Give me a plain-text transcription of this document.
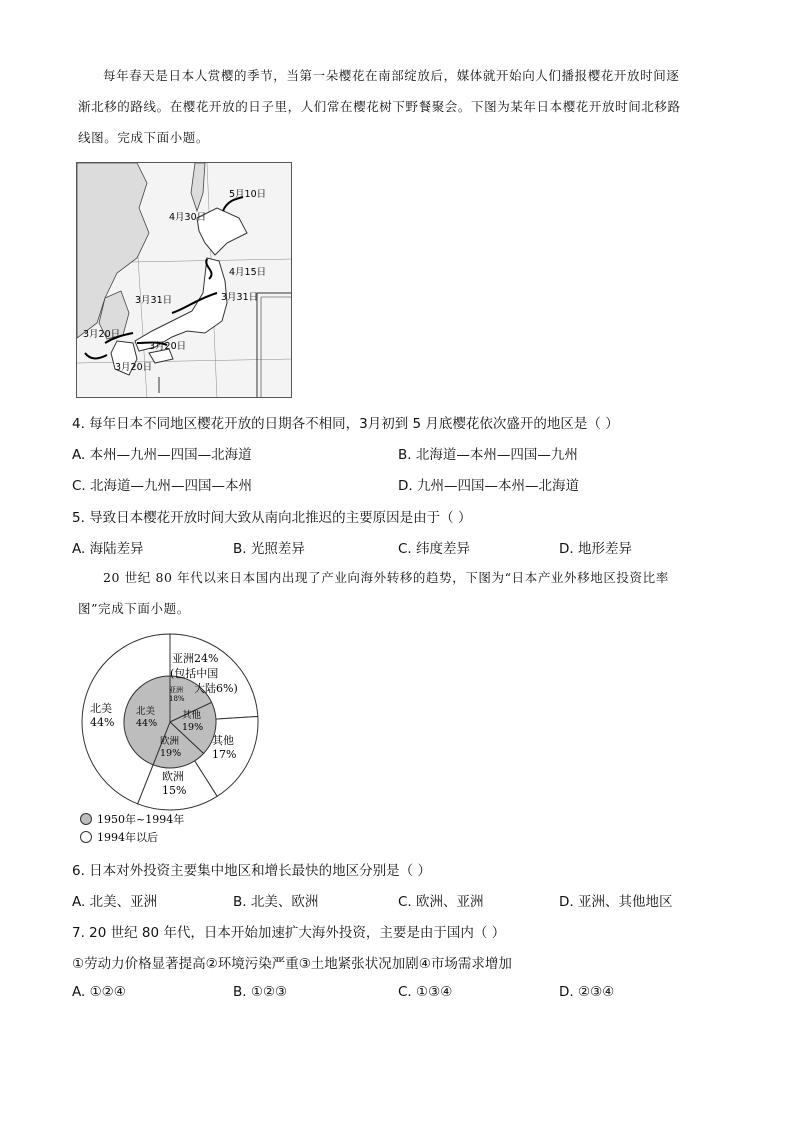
每年春天是日本人赏樱的季节，当第一朵樱花在南部绽放后，媒体就开始向人们播报樱花开放时间逐
渐北移的路线。在樱花开放的日子里，人们常在樱花树下野餐聚会。下图为某年日本樱花开放时间北移路
线图。完成下面小题。
5月10日
4月30日
4月15日
3月31日	3月31日
3月20日
3月20日
3月20日
4. 每年日本不同地区樱花开放的日期各不相同，3月初到 5 月底樱花依次盛开的地区是（ ）
A. 本州—九州—四国—北海道	B. 北海道—本州—四国—九州
C. 北海道—九州—四国—本州	D. 九州—四国—本州—北海道
5. 导致日本樱花开放时间大致从南向北推迟的主要原因是由于（ ）
A. 海陆差异	B. 光照差异	C. 纬度差异	D. 地形差异
20 世纪 80 年代以来日本国内出现了产业向海外转移的趋势，下图为“日本产业外移地区投资比率
图”完成下面小题。
亚洲24%
(包括中国
大陆6%)
其他
17%
欧洲
15%
北美
44%
亚洲
18%
其他
19%
欧洲
19%
北美
44%
1950年~1994年
1994年以后
6. 日本对外投资主要集中地区和增长最快的地区分别是（ ）
A. 北美、亚洲	B. 北美、欧洲	C. 欧洲、亚洲	D. 亚洲、其他地区
7. 20 世纪 80 年代，日本开始加速扩大海外投资，主要是由于国内（ ）
①劳动力价格显著提高②环境污染严重③土地紧张状况加剧④市场需求增加
A. ①②④	B. ①②③	C. ①③④	D. ②③④
